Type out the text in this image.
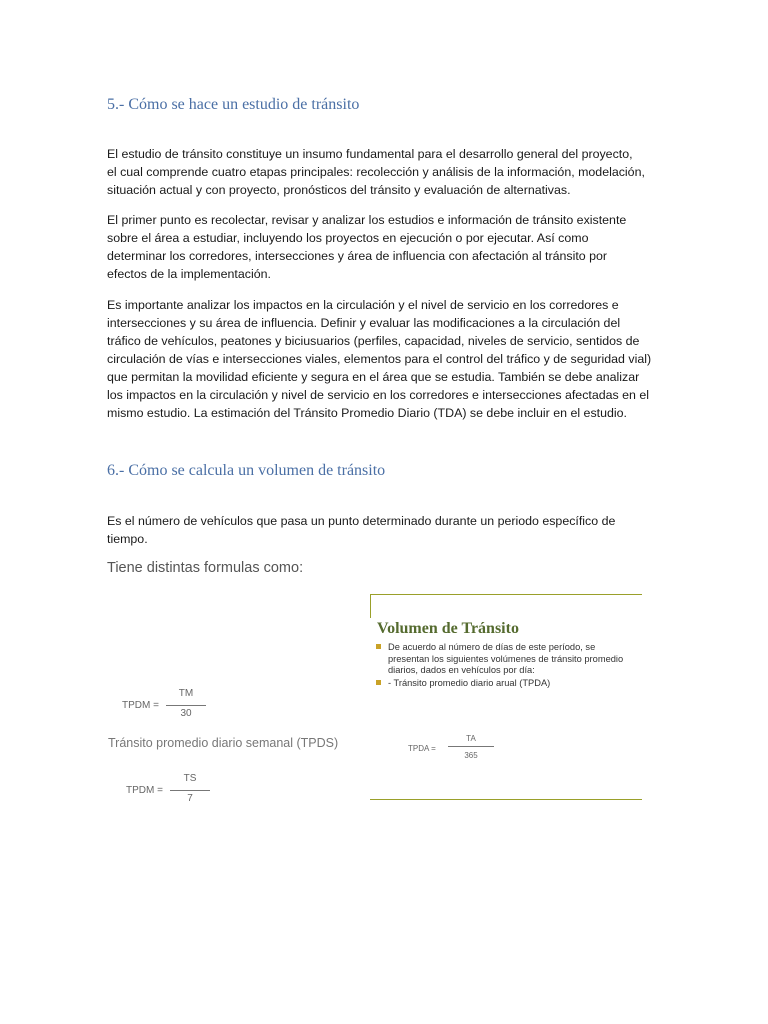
5.- Cómo se hace un estudio de tránsito

El estudio de tránsito constituye un insumo fundamental para el desarrollo general del proyecto,
el cual comprende cuatro etapas principales: recolección y análisis de la información, modelación,
situación actual y con proyecto, pronósticos del tránsito y evaluación de alternativas.

El primer punto es recolectar, revisar y analizar los estudios e información de tránsito existente
sobre el área a estudiar, incluyendo los proyectos en ejecución o por ejecutar. Así como
determinar los corredores, intersecciones y área de influencia con afectación al tránsito por
efectos de la implementación.

Es importante analizar los impactos en la circulación y el nivel de servicio en los corredores e
intersecciones y su área de influencia. Definir y evaluar las modificaciones a la circulación del
tráfico de vehículos, peatones y biciusuarios (perfiles, capacidad, niveles de servicio, sentidos de
circulación de vías e intersecciones viales, elementos para el control del tráfico y de seguridad vial)
que permitan la movilidad eficiente y segura en el área que se estudia. También se debe analizar
los impactos en la circulación y nivel de servicio en los corredores e intersecciones afectadas en el
mismo estudio. La estimación del Tránsito Promedio Diario (TDA) se debe incluir en el estudio.

6.- Cómo se calcula un volumen de tránsito

Es el número de vehículos que pasa un punto determinado durante un periodo específico de
tiempo.

Tiene distintas formulas como:

TPDM =
TM
30
Tránsito promedio diario semanal (TPDS)
TPDM =
TS
7
Volumen de Tránsito
De acuerdo al número de días de este período, se presentan los siguientes volúmenes de tránsito promedio diarios, dados en vehículos por día:
- Tránsito promedio diario arual (TPDA)
TPDA =
TA
365
